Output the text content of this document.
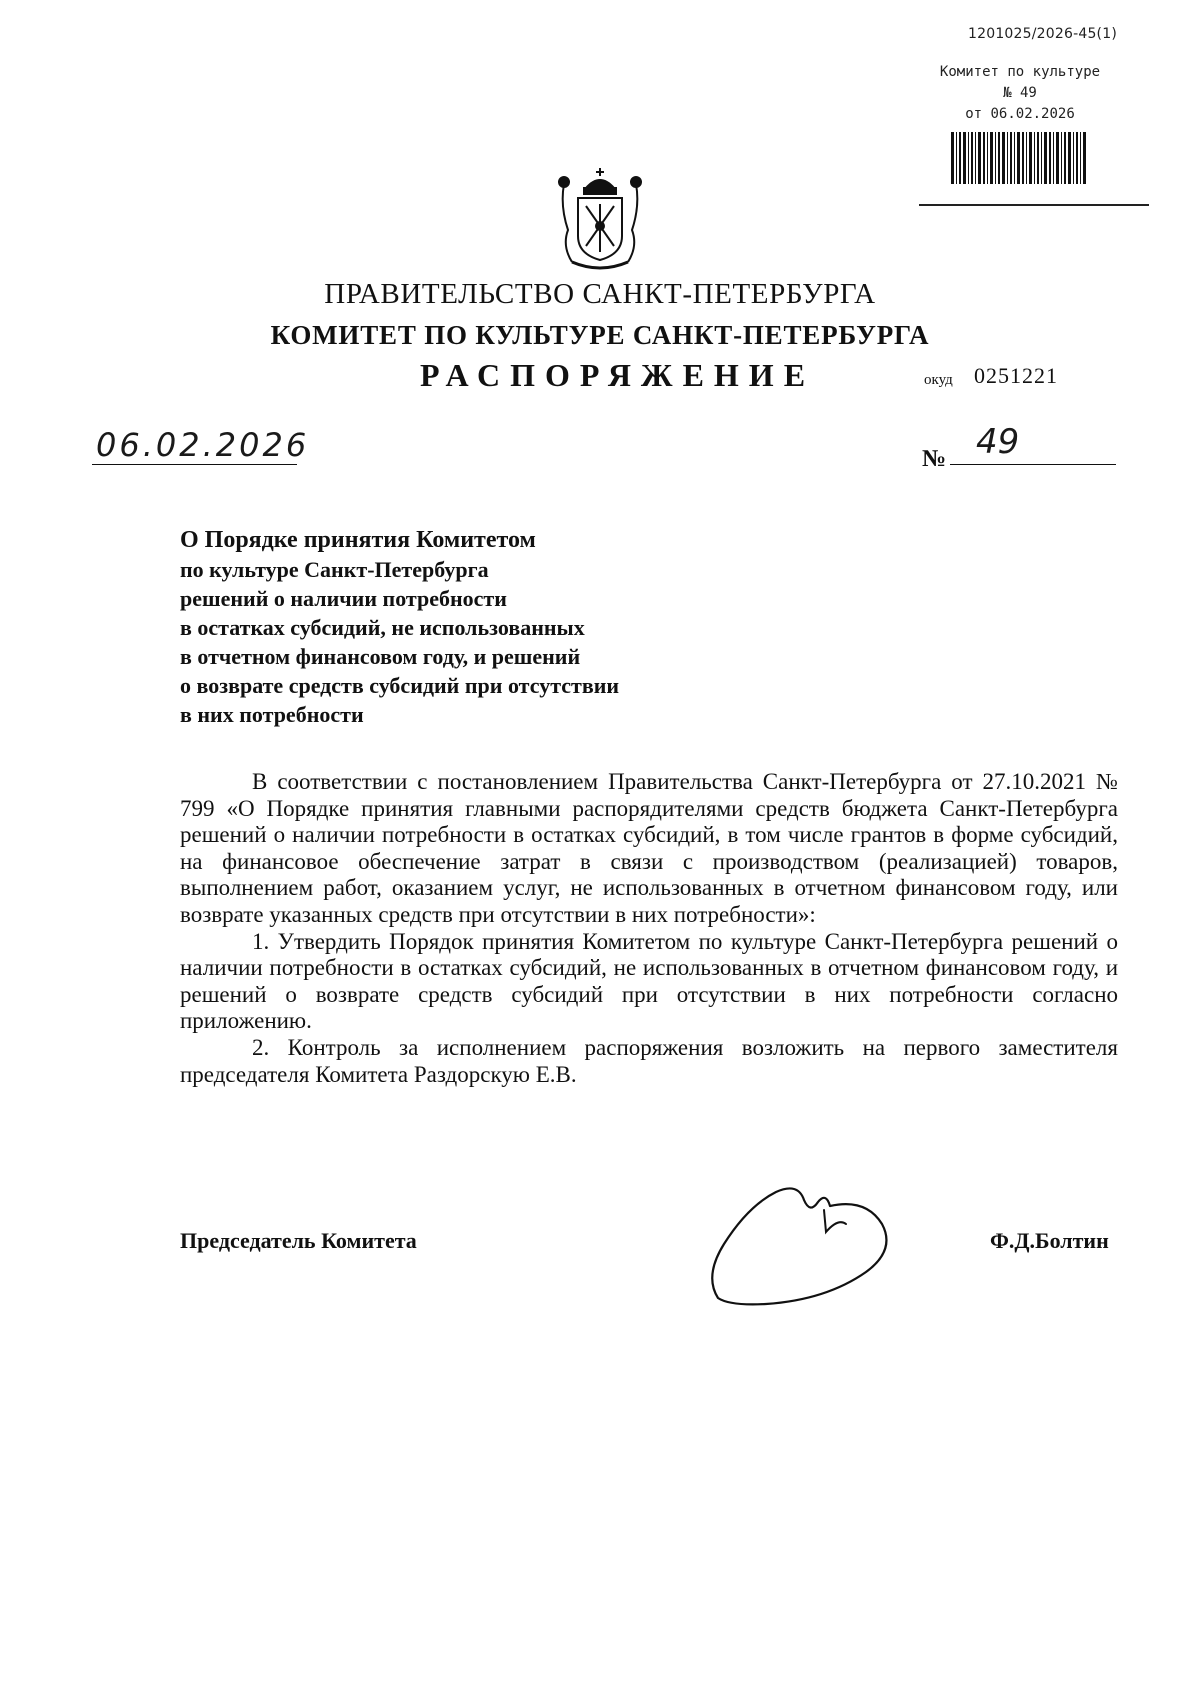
1201025/2026-45(1)
Комитет по культуре
№ 49
от 06.02.2026
ПРАВИТЕЛЬСТВО САНКТ-ПЕТЕРБУРГА
КОМИТЕТ ПО КУЛЬТУРЕ САНКТ-ПЕТЕРБУРГА
РАСПОРЯЖЕНИЕ	окуд 0251221
06.02.2026	№ 49

О Порядке принятия Комитетом

по культуре Санкт-Петербурга

решений о наличии потребности

в остатках субсидий, не использованных

в отчетном финансовом году, и решений

о возврате средств субсидий при отсутствии

в них потребности

В соответствии с постановлением Правительства Санкт-Петербурга от 27.10.2021 № 799 «О Порядке принятия главными распорядителями средств бюджета Санкт-Петербурга решений о наличии потребности в остатках субсидий, в том числе грантов в форме субсидий, на финансовое обеспечение затрат в связи с производством (реализацией) товаров, выполнением работ, оказанием услуг, не использованных в отчетном финансовом году, или возврате указанных средств при отсутствии в них потребности»:

1. Утвердить Порядок принятия Комитетом по культуре Санкт-Петербурга решений о наличии потребности в остатках субсидий, не использованных в отчетном финансовом году, и решений о возврате средств субсидий при отсутствии в них потребности согласно приложению.

2. Контроль за исполнением распоряжения возложить на первого заместителя председателя Комитета Раздорскую Е.В.

Председатель Комитета	Ф.Д.Болтин
